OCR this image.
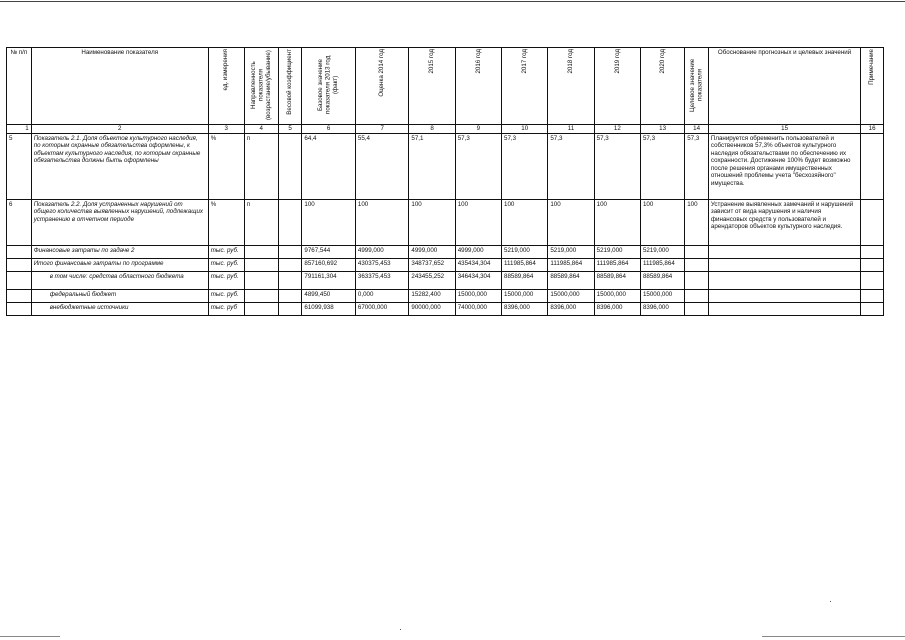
№ п/п	Наименование показателя	ед. измерения	Направленность показателя (возрастание/убывание)	Весовой коэффициент	Базовое значение показателя 2013 год (факт)	Оценка 2014 год	2015 год	2016 год	2017 год	2018 год	2019 год	2020 год	Целевое значение показателя	Обоснование прогнозных и целевых значений	Примечание

1	2	3	4	5	6	7	8	9	10	11	12	13	14	15	16
5	Показатель 2.1. Доля объектов культурного наследия, по которым охранные обязательства оформлены, к объектам культурного наследия, по которым охранные обязательства должны быть оформлены	%	п		64,4	55,4	57,1	57,3	57,3	57,3	57,3	57,3	57,3	Планируется обременить пользователей и собственников 57,3% объектов культурного наследия обязательствами по обеспечению их сохранности. Достижение 100% будет возможно после решения органами имущественных отношений проблемы учета "бесхозяйного" имущества.	
6	Показатель 2.2. Доля устраненных нарушений от общего количества выявленных нарушений, подлежащих устранению в отчетном периоде	%	п		100	100	100	100	100	100	100	100	100	Устранение выявленных замечаний и нарушений зависит от вида нарушения и наличия финансовых средств у пользователей и арендаторов объектов культурного наследия.	
	Финансовые затраты по задаче 2	тыс. руб.			9767,544	4999,000	4999,000	4999,000	5219,000	5219,000	5219,000	5219,000			
	Итого финансовые затраты по программе	тыс. руб.			857160,692	430375,453	348737,652	435434,304	111985,864	111985,864	111985,864	111985,864			
	в том числе: средства областного бюджета	тыс. руб.			791161,304	363375,453	243455,252	346434,304	88589,864	88589,864	88589,864	88589,864			
	федеральный бюджет	тыс. руб.			4899,450	0,000	15282,400	15000,000	15000,000	15000,000	15000,000	15000,000			
	внебюджетные источники	тыс. руб			61099,938	67000,000	90000,000	74000,000	8396,000	8396,000	8396,000	8396,000			
